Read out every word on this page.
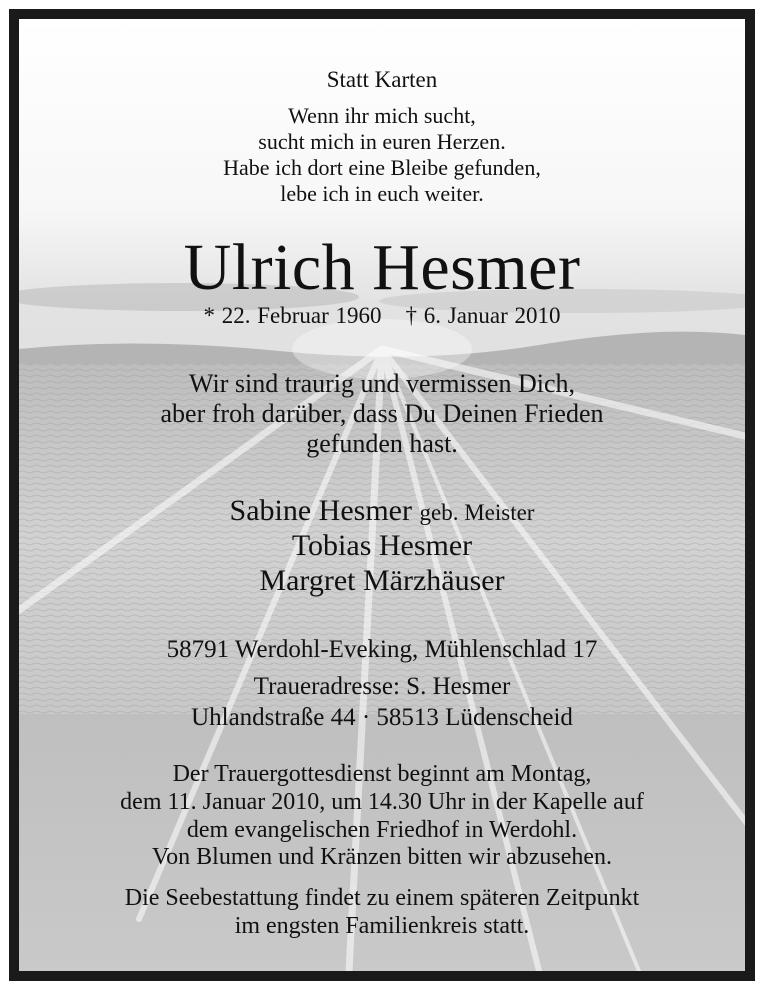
Statt Karten
Wenn ihr mich sucht,
sucht mich in euren Herzen.
Habe ich dort eine Bleibe gefunden,
lebe ich in euch weiter.
Ulrich Hesmer
* 22. Februar 1960 † 6. Januar 2010
Wir sind traurig und vermissen Dich,
aber froh darüber, dass Du Deinen Frieden
gefunden hast.
Sabine Hesmer geb. Meister
Tobias Hesmer
Margret Märzhäuser
58791 Werdohl-Eveking, Mühlenschlad 17
Traueradresse: S. Hesmer
Uhlandstraße 44 · 58513 Lüdenscheid
Der Trauergottesdienst beginnt am Montag,
dem 11. Januar 2010, um 14.30 Uhr in der Kapelle auf
dem evangelischen Friedhof in Werdohl.
Von Blumen und Kränzen bitten wir abzusehen.
Die Seebestattung findet zu einem späteren Zeitpunkt
im engsten Familienkreis statt.
